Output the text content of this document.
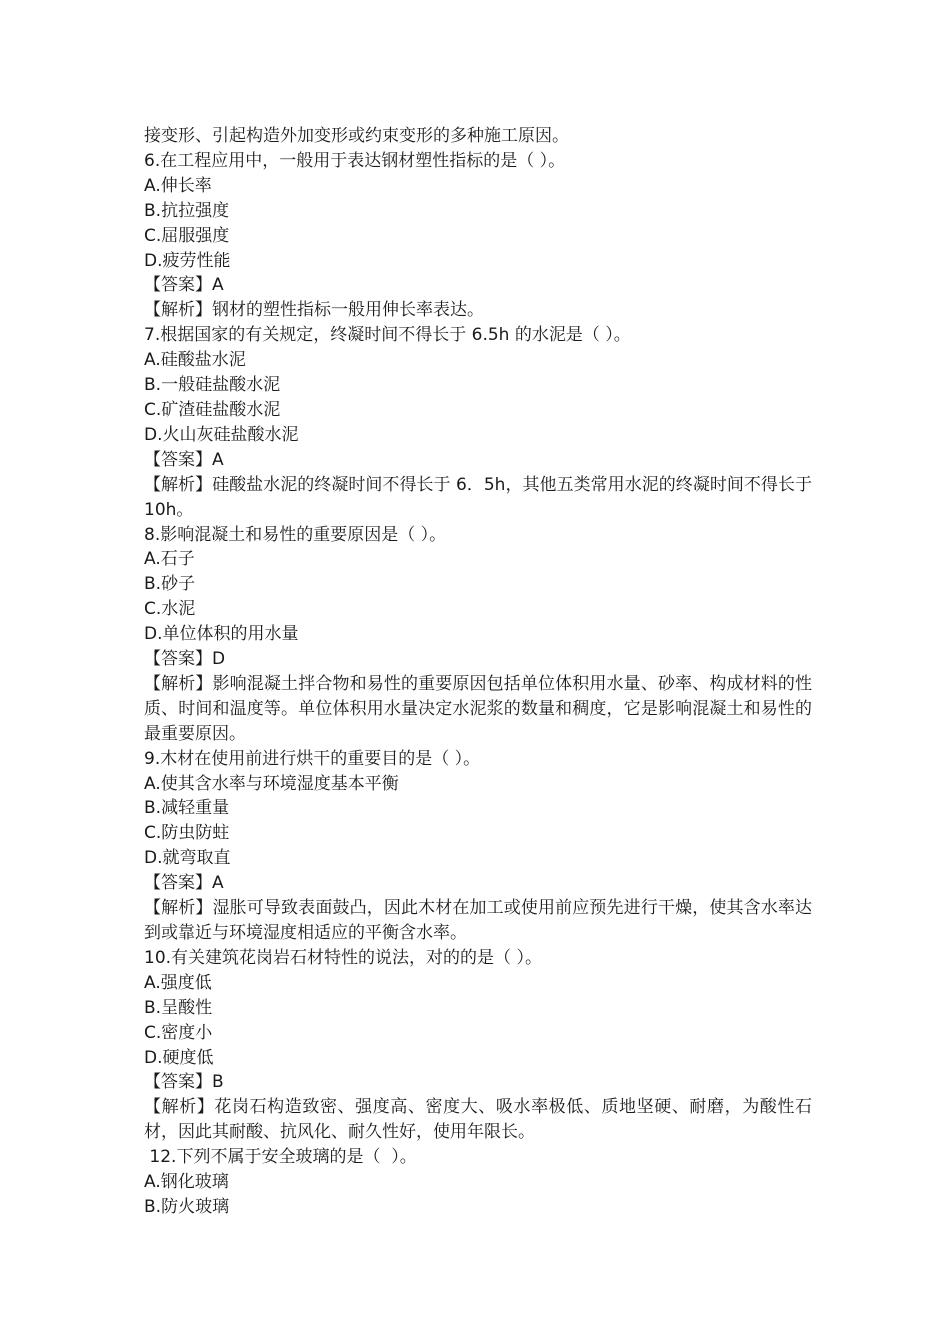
接变形、引起构造外加变形或约束变形的多种施工原因。
6.在工程应用中，一般用于表达钢材塑性指标的是（ ）。
A.伸长率
B.抗拉强度
C.屈服强度
D.疲劳性能
【答案】A
【解析】钢材的塑性指标一般用伸长率表达。
7.根据国家的有关规定，终凝时间不得长于 6.5h 的水泥是（ ）。
A.硅酸盐水泥
B.一般硅盐酸水泥
C.矿渣硅盐酸水泥
D.火山灰硅盐酸水泥
【答案】A
【解析】硅酸盐水泥的终凝时间不得长于 6．5h，其他五类常用水泥的终凝时间不得长于 10h。
8.影响混凝土和易性的重要原因是（ ）。
A.石子
B.砂子
C.水泥
D.单位体积的用水量
【答案】D
【解析】影响混凝土拌合物和易性的重要原因包括单位体积用水量、砂率、构成材料的性质、时间和温度等。单位体积用水量决定水泥浆的数量和稠度，它是影响混凝土和易性的最重要原因。
9.木材在使用前进行烘干的重要目的是（ ）。
A.使其含水率与环境湿度基本平衡
B.减轻重量
C.防虫防蛀
D.就弯取直
【答案】A
【解析】湿胀可导致表面鼓凸，因此木材在加工或使用前应预先进行干燥，使其含水率达到或靠近与环境湿度相适应的平衡含水率。
10.有关建筑花岗岩石材特性的说法，对的的是（ ）。
A.强度低
B.呈酸性
C.密度小
D.硬度低
【答案】B
【解析】花岗石构造致密、强度高、密度大、吸水率极低、质地坚硬、耐磨，为酸性石材，因此其耐酸、抗风化、耐久性好，使用年限长。
12.下列不属于安全玻璃的是（  ）。
A.钢化玻璃
B.防火玻璃
